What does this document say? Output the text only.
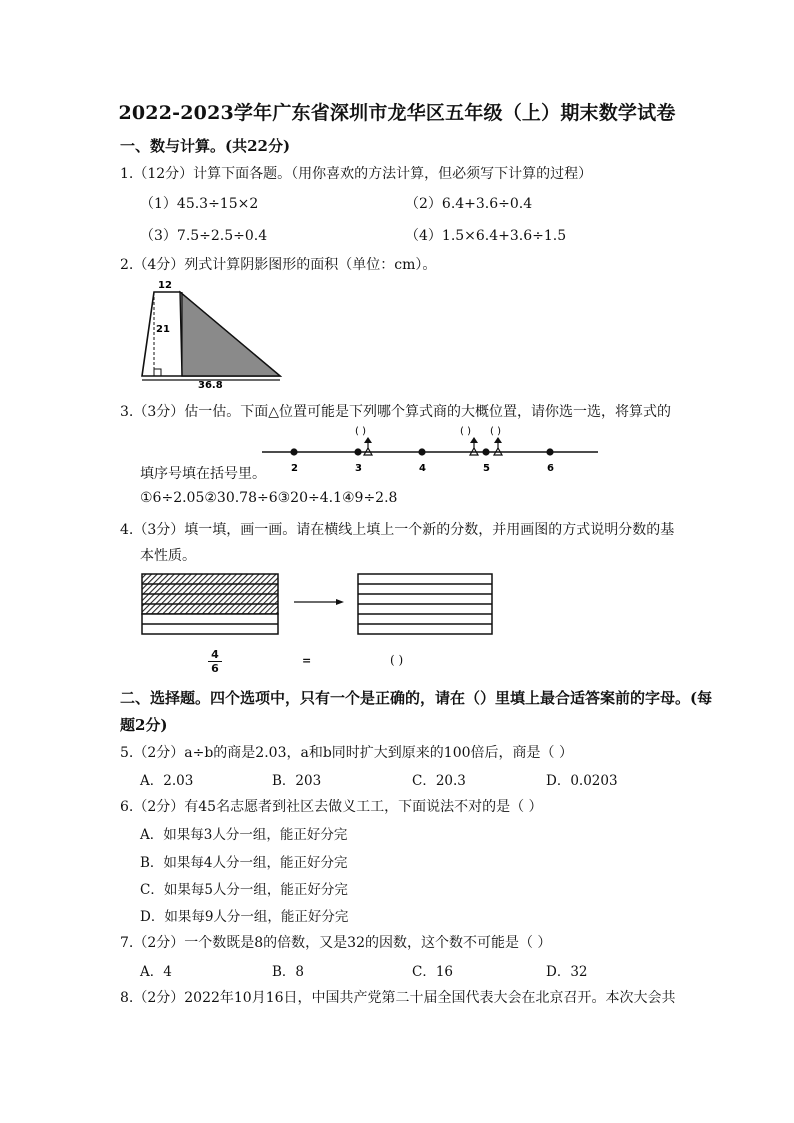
2022-2023学年广东省深圳市龙华区五年级（上）期末数学试卷
一、数与计算。(共22分)
1.（12分）计算下面各题。（用你喜欢的方法计算，但必须写下计算的过程）
（1）45.3÷15×2	（2）6.4+3.6÷0.4
（3）7.5÷2.5÷0.4	（4）1.5×6.4+3.6÷1.5
2.（4分）列式计算阴影图形的面积（单位：cm）。
12
21
36.8
3.（3分）估一估。下面△位置可能是下列哪个算式商的大概位置，请你选一选，将算式的
2	3	4	5	6
( )	( ) ( )
填序号填在括号里。
①6÷2.05②30.78÷6③20÷4.1④9÷2.8
4.（3分）填一填，画一画。请在横线上填上一个新的分数，并用画图的方式说明分数的基
本性质。
$\frac{4}{6}$	=	( )
二、选择题。四个选项中，只有一个是正确的，请在（）里填上最合适答案前的字母。(每
题2分)
5.（2分）a÷b的商是2.03，a和b同时扩大到原来的100倍后，商是（ ）
A．2.03	B．203	C．20.3	D．0.0203
6.（2分）有45名志愿者到社区去做义工工，下面说法不对的是（ ）
A．如果每3人分一组，能正好分完
B．如果每4人分一组，能正好分完
C．如果每5人分一组，能正好分完
D．如果每9人分一组，能正好分完
7.（2分）一个数既是8的倍数，又是32的因数，这个数不可能是（ ）
A．4	B．8	C．16	D．32
8.（2分）2022年10月16日，中国共产党第二十届全国代表大会在北京召开。本次大会共
